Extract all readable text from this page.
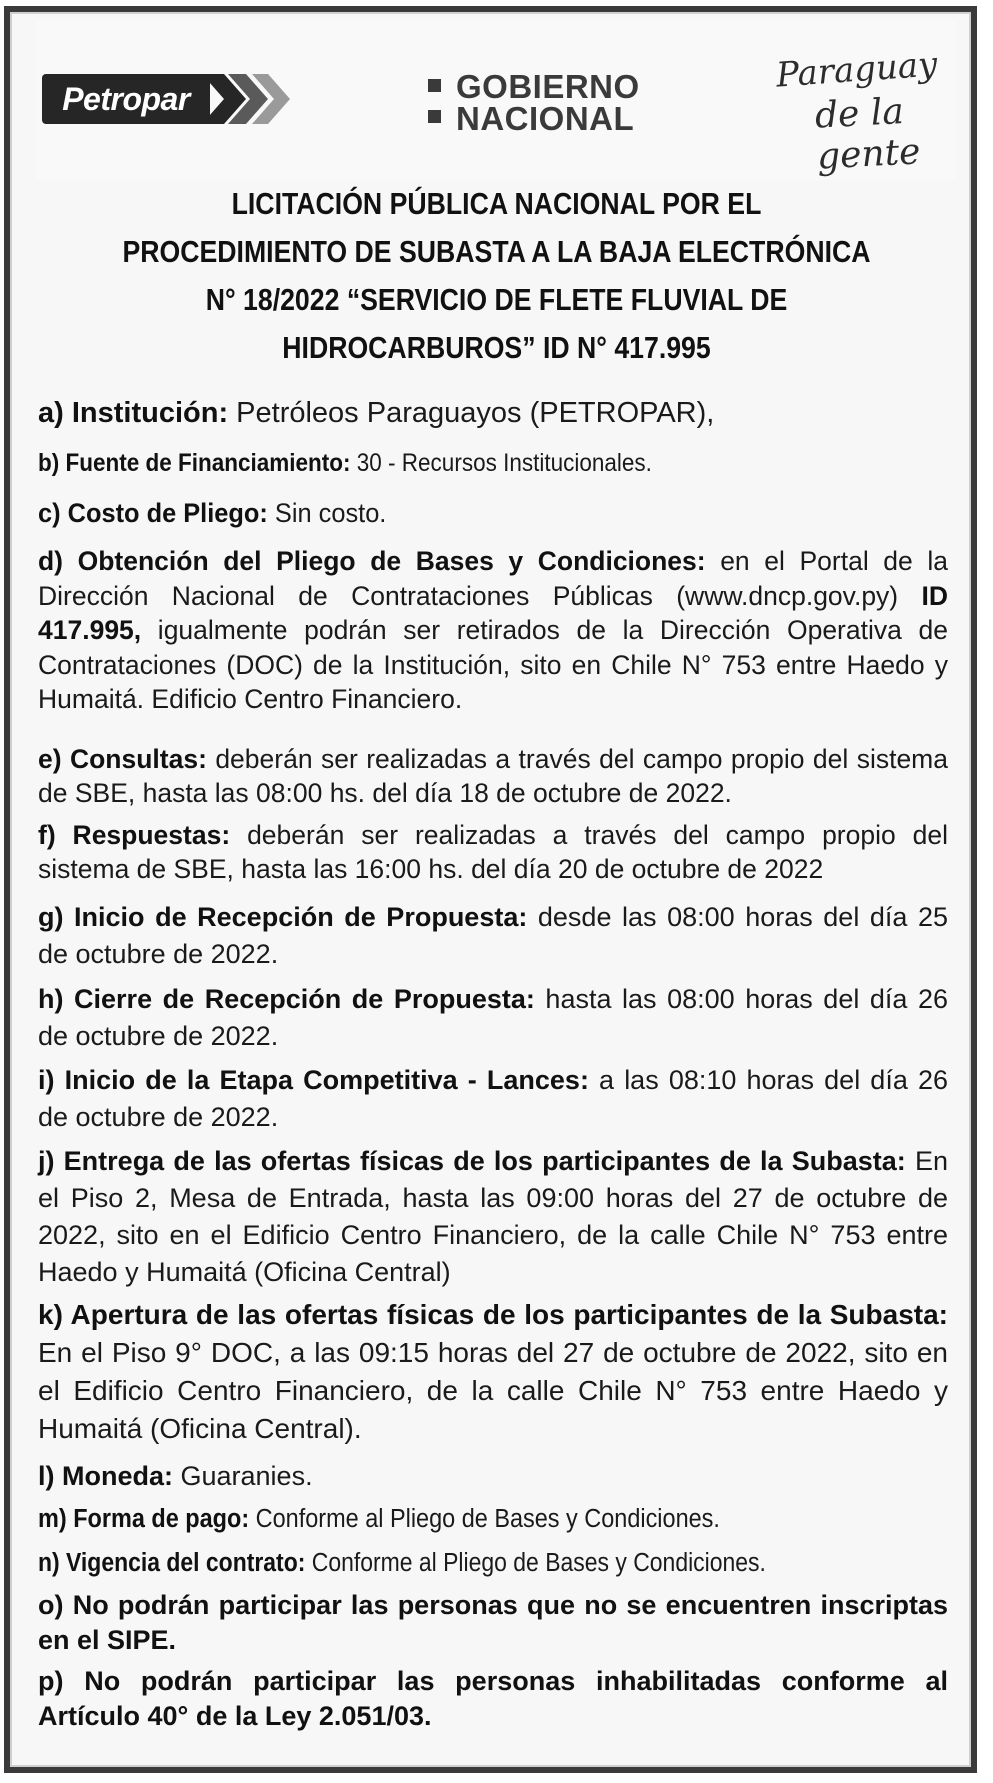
Petropar	GOBIERNO
NACIONAL
Paraguay
de la gente
LICITACIÓN PÚBLICA NACIONAL POR EL
PROCEDIMIENTO DE SUBASTA A LA BAJA ELECTRÓNICA
N° 18/2022 “SERVICIO DE FLETE FLUVIAL DE
HIDROCARBUROS” ID N° 417.995
a) Institución: Petróleos Paraguayos (PETROPAR),
b) Fuente de Financiamiento: 30 - Recursos Institucionales.
c) Costo de Pliego: Sin costo.
d) Obtención del Pliego de Bases y Condiciones: en el Portal de la Dirección Nacional de Contrataciones Públicas (www.dncp.gov.py) ID 417.995, igualmente podrán ser retirados de la Dirección Operativa de Contrataciones (DOC) de la Institución, sito en Chile N° 753 entre Haedo y Humaitá. Edificio Centro Financiero.
e) Consultas: deberán ser realizadas a través del campo propio del sistema de SBE, hasta las 08:00 hs. del día 18 de octubre de 2022.
f) Respuestas: deberán ser realizadas a través del campo propio del sistema de SBE, hasta las 16:00 hs. del día 20 de octubre de 2022
g) Inicio de Recepción de Propuesta: desde las 08:00 horas del día 25 de octubre de 2022.
h) Cierre de Recepción de Propuesta: hasta las 08:00 horas del día 26 de octubre de 2022.
i) Inicio de la Etapa Competitiva - Lances: a las 08:10 horas del día 26 de octubre de 2022.
j) Entrega de las ofertas físicas de los participantes de la Subasta: En el Piso 2, Mesa de Entrada, hasta las 09:00 horas del 27 de octubre de 2022, sito en el Edificio Centro Financiero, de la calle Chile N° 753 entre Haedo y Humaitá (Oficina Central)
k) Apertura de las ofertas físicas de los participantes de la Subasta: En el Piso 9° DOC, a las 09:15 horas del 27 de octubre de 2022, sito en el Edificio Centro Financiero, de la calle Chile N° 753 entre Haedo y Humaitá (Oficina Central).
l) Moneda: Guaranies.
m) Forma de pago: Conforme al Pliego de Bases y Condiciones.
n) Vigencia del contrato: Conforme al Pliego de Bases y Condiciones.
o) No podrán participar las personas que no se encuentren inscriptas en el SIPE.
p) No podrán participar las personas inhabilitadas conforme al Artículo 40° de la Ley 2.051/03.
